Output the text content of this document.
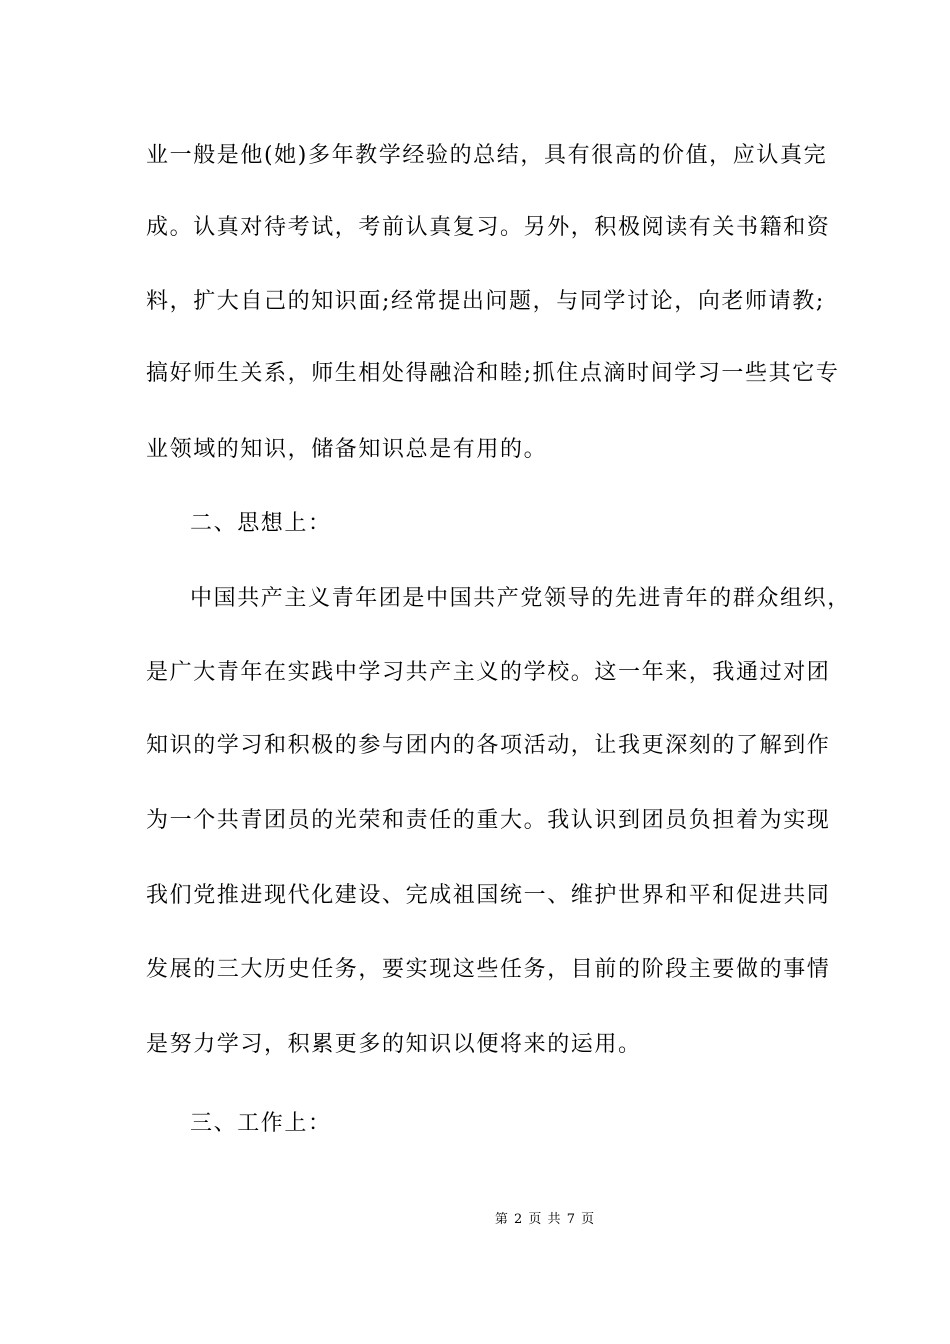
业一般是他(她)多年教学经验的总结，具有很高的价值，应认真完
成。认真对待考试，考前认真复习。另外，积极阅读有关书籍和资
料，扩大自己的知识面;经常提出问题，与同学讨论，向老师请教;
搞好师生关系，师生相处得融洽和睦;抓住点滴时间学习一些其它专
业领域的知识，储备知识总是有用的。
二、思想上：
中国共产主义青年团是中国共产党领导的先进青年的群众组织，
是广大青年在实践中学习共产主义的学校。这一年来，我通过对团
知识的学习和积极的参与团内的各项活动，让我更深刻的了解到作
为一个共青团员的光荣和责任的重大。我认识到团员负担着为实现
我们党推进现代化建设、完成祖国统一、维护世界和平和促进共同
发展的三大历史任务，要实现这些任务，目前的阶段主要做的事情
是努力学习，积累更多的知识以便将来的运用。
三、工作上：
第 2 页 共 7 页
